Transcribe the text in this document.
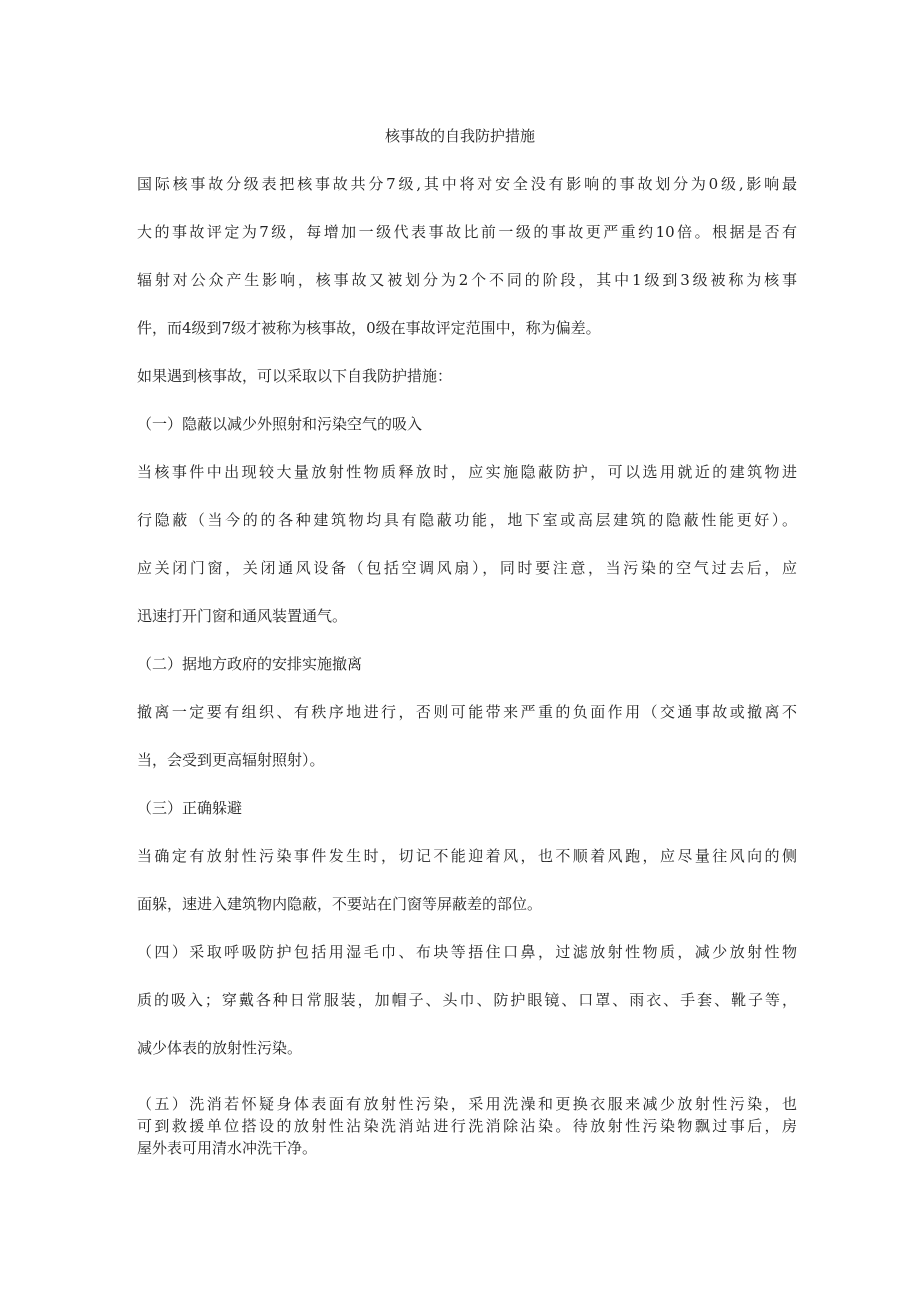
核事故的自我防护措施
国际核事故分级表把核事故共分7级,其中将对安全没有影响的事故划分为0级,影响最
大的事故评定为7级，每增加一级代表事故比前一级的事故更严重约10倍。根据是否有
辐射对公众产生影响，核事故又被划分为2个不同的阶段，其中1级到3级被称为核事
件，而4级到7级才被称为核事故，0级在事故评定范围中，称为偏差。
如果遇到核事故，可以采取以下自我防护措施：
（一）隐蔽以减少外照射和污染空气的吸入
当核事件中出现较大量放射性物质释放时，应实施隐蔽防护，可以选用就近的建筑物进
行隐蔽（当今的的各种建筑物均具有隐蔽功能，地下室或高层建筑的隐蔽性能更好）。
应关闭门窗，关闭通风设备（包括空调风扇），同时要注意，当污染的空气过去后，应
迅速打开门窗和通风装置通气。
（二）据地方政府的安排实施撤离
撤离一定要有组织、有秩序地进行，否则可能带来严重的负面作用（交通事故或撤离不
当，会受到更高辐射照射）。
（三）正确躲避
当确定有放射性污染事件发生时，切记不能迎着风，也不顺着风跑，应尽量往风向的侧
面躲，速进入建筑物内隐蔽，不要站在门窗等屏蔽差的部位。
（四）采取呼吸防护包括用湿毛巾、布块等捂住口鼻，过滤放射性物质，减少放射性物
质的吸入；穿戴各种日常服装，加帽子、头巾、防护眼镜、口罩、雨衣、手套、靴子等，
减少体表的放射性污染。
（五）洗消若怀疑身体表面有放射性污染，采用洗澡和更换衣服来减少放射性污染，也
可到救援单位搭设的放射性沾染洗消站进行洗消除沾染。待放射性污染物飘过事后，房
屋外表可用清水冲洗干净。
